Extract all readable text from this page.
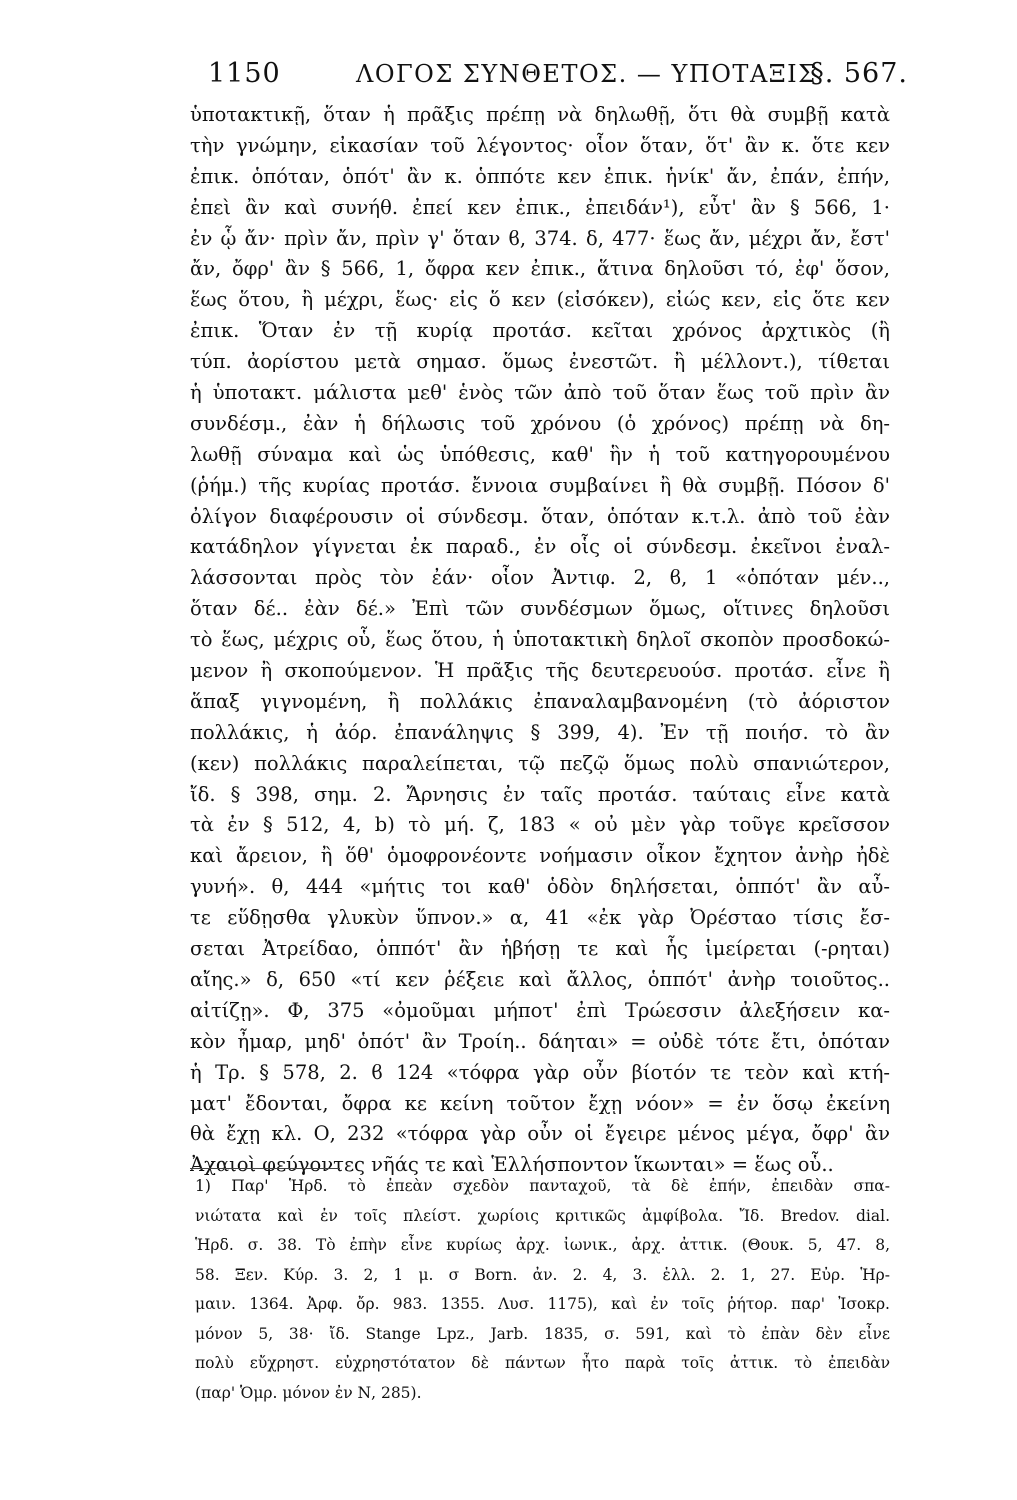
1150	ΛΟΓΟΣ ΣΥΝΘΕΤΟΣ. — ΥΠΟΤΑΞΙΣ
§. 567.
ὑποτακτικῇ, ὅταν ἡ πρᾶξις πρέπῃ νὰ δηλωθῇ, ὅτι θὰ συμβῇ κατὰ
τὴν γνώμην, εἰκασίαν τοῦ λέγοντος· οἷον ὅταν, ὅτ' ἂν κ. ὅτε κεν
ἐπικ. ὁπόταν, ὁπότ' ἂν κ. ὁππότε κεν ἐπικ. ἡνίκ' ἄν, ἐπάν, ἐπήν,
ἐπεὶ ἂν καὶ συνήθ. ἐπεί κεν ἐπικ., ἐπειδάν¹), εὖτ' ἂν § 566, 1·
ἐν ᾧ ἄν· πρὶν ἄν, πρὶν γ' ὅταν ϐ, 374. δ, 477· ἕως ἄν, μέχρι ἄν, ἔστ'
ἄν, ὄφρ' ἂν § 566, 1, ὄφρα κεν ἐπικ., ἅτινα δηλοῦσι τό, ἐφ' ὅσον,
ἕως ὅτου, ἢ μέχρι, ἕως· εἰς ὅ κεν (εἰσόκεν), εἰώς κεν, εἰς ὅτε κεν
ἐπικ. Ὅταν ἐν τῇ κυρίᾳ προτάσ. κεῖται χρόνος ἀρχτικὸς (ἢ
τύπ. ἀορίστου μετὰ σημασ. ὅμως ἐνεστῶτ. ἢ μέλλοντ.), τίθεται
ἡ ὑποτακτ. μάλιστα μεθ' ἑνὸς τῶν ἀπὸ τοῦ ὅταν ἕως τοῦ πρὶν ἂν
συνδέσμ., ἐὰν ἡ δήλωσις τοῦ χρόνου (ὁ χρόνος) πρέπῃ νὰ δη-
λωθῇ σύναμα καὶ ὡς ὑπόθεσις, καθ' ἣν ἡ τοῦ κατηγορουμένου
(ῥήμ.) τῆς κυρίας προτάσ. ἔννοια συμβαίνει ἢ θὰ συμβῇ. Πόσον δ'
ὀλίγον διαφέρουσιν οἱ σύνδεσμ. ὅταν, ὁπόταν κ.τ.λ. ἀπὸ τοῦ ἐὰν
κατάδηλον γίγνεται ἐκ παραδ., ἐν οἷς οἱ σύνδεσμ. ἐκεῖνοι ἐναλ-
λάσσονται πρὸς τὸν ἐάν· οἷον Ἀντιφ. 2, ϐ, 1 «ὁπόταν μέν..,
ὅταν δέ.. ἐὰν δέ.» Ἐπὶ τῶν συνδέσμων ὅμως, οἵτινες δηλοῦσι
τὸ ἕως, μέχρις οὗ, ἕως ὅτου, ἡ ὑποτακτικὴ δηλοῖ σκοπὸν προσδοκώ-
μενον ἢ σκοπούμενον. Ἡ πρᾶξις τῆς δευτερευούσ. προτάσ. εἶνε ἢ
ἅπαξ γιγνομένη, ἢ πολλάκις ἐπαναλαμβανομένη (τὸ ἀόριστον
πολλάκις, ἡ ἀόρ. ἐπανάληψις § 399, 4). Ἐν τῇ ποιήσ. τὸ ἂν
(κεν) πολλάκις παραλείπεται, τῷ πεζῷ ὅμως πολὺ σπανιώτερον,
ἴδ. § 398, σημ. 2. Ἄρνησις ἐν ταῖς προτάσ. ταύταις εἶνε κατὰ
τὰ ἐν § 512, 4, b) τὸ μή. ζ, 183 « οὐ μὲν γὰρ τοῦγε κρεῖσσον
καὶ ἄρειον, ἢ ὅθ' ὁμοφρονέοντε νοήμασιν οἶκον ἔχητον ἀνὴρ ἠδὲ
γυνή». θ, 444 «μήτις τοι καθ' ὁδὸν δηλήσεται, ὁππότ' ἂν αὖ-
τε εὕδῃσθα γλυκὺν ὕπνον.» α, 41 «ἐκ γὰρ Ὀρέσταο τίσις ἔσ-
σεται Ἀτρείδαο, ὁππότ' ἂν ἡβήσῃ τε καὶ ἧς ἱμείρεται (-ρηται)
αἴης.» δ, 650 «τί κεν ῥέξειε καὶ ἄλλος, ὁππότ' ἀνὴρ τοιοῦτος..
αἰτίζῃ». Φ, 375 «ὀμοῦμαι μήποτ' ἐπὶ Τρώεσσιν ἀλεξήσειν κα-
κὸν ἦμαρ, μηδ' ὁπότ' ἂν Τροίη.. δάηται» = οὐδὲ τότε ἔτι, ὁπόταν
ἡ Τρ. § 578, 2. ϐ 124 «τόφρα γὰρ οὖν βίοτόν τε τεὸν καὶ κτή-
ματ' ἔδονται, ὄφρα κε κείνη τοῦτον ἔχῃ νόον» = ἐν ὅσῳ ἐκείνη
θὰ ἔχῃ κλ. Ο, 232 «τόφρα γὰρ οὖν οἱ ἔγειρε μένος μέγα, ὄφρ' ἂν
Ἀχαιοὶ φεύγοντες νῆάς τε καὶ Ἑλλήσποντον ἵκωνται» = ἕως οὗ..
1) Παρ' Ἡρδ. τὸ ἐπεὰν σχεδὸν πανταχοῦ, τὰ δὲ ἐπήν, ἐπειδὰν σπα-
νιώτατα καὶ ἐν τοῖς πλείστ. χωρίοις κριτικῶς ἀμφίβολα. Ἴδ. Bredov. dial.
Ἡρδ. σ. 38. Τὸ ἐπὴν εἶνε κυρίως ἀρχ. ἰωνικ., ἀρχ. ἀττικ. (Θουκ. 5, 47. 8,
58. Ξεν. Κύρ. 3. 2, 1 μ. σ Born. ἀν. 2. 4, 3. ἑλλ. 2. 1, 27. Εὐρ. Ἡρ-
μαιν. 1364. Ἀρφ. ὄρ. 983. 1355. Λυσ. 1175), καὶ ἐν τοῖς ῥήτορ. παρ' Ἰσοκρ.
μόνον 5, 38· ἴδ. Stange Lpz., Jarb. 1835, σ. 591, καὶ τὸ ἐπὰν δὲν εἶνε
πολὺ εὔχρηστ. εὐχρηστότατον δὲ πάντων ἦτο παρὰ τοῖς ἀττικ. τὸ ἐπειδὰν
(παρ' Ὁμρ. μόνον ἐν Ν, 285).
